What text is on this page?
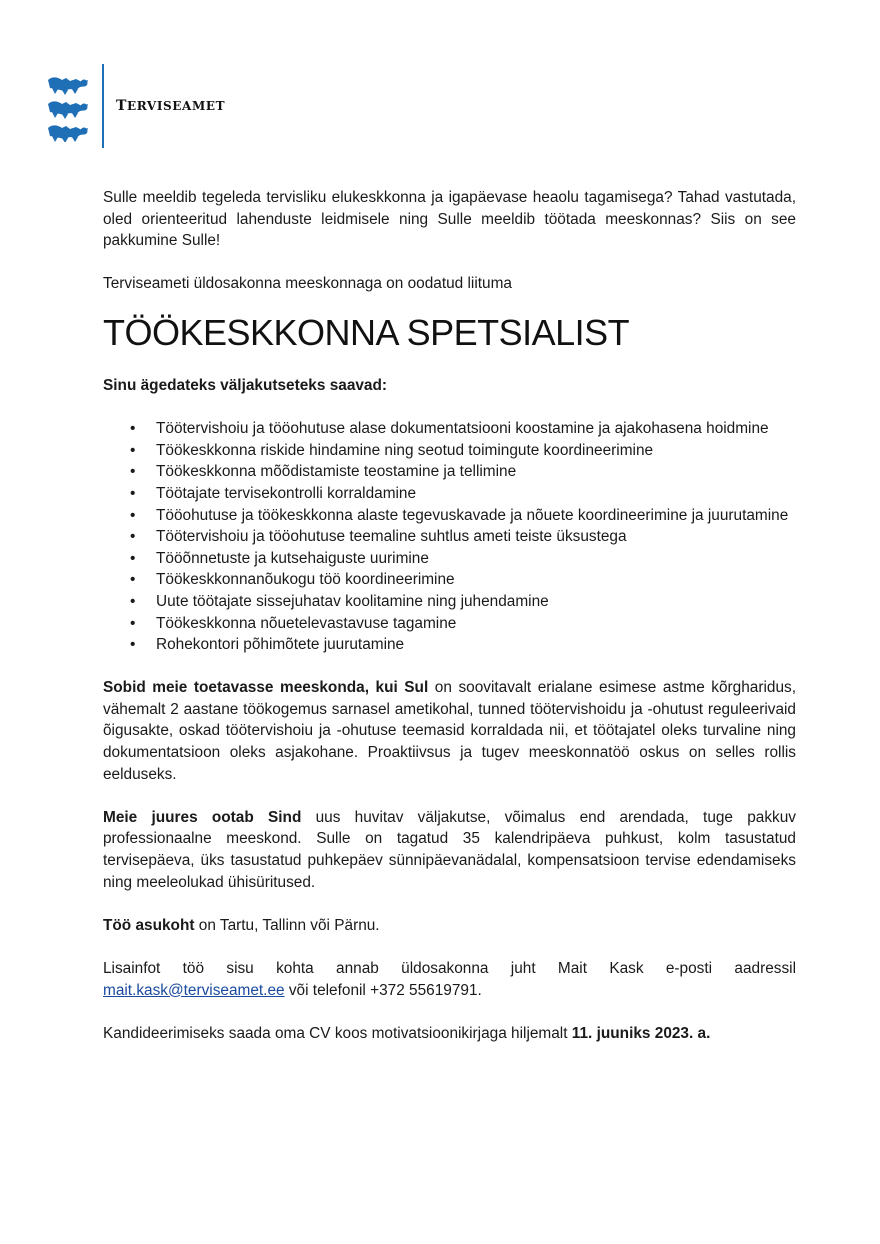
TERVISEAMET

Sulle meeldib tegeleda tervisliku elukeskkonna ja igapäevase heaolu tagamisega? Tahad vastutada, oled orienteeritud lahenduste leidmisele ning Sulle meeldib töötada meeskonnas? Siis on see pakkumine Sulle!

Terviseameti üldosakonna meeskonnaga on oodatud liituma

TÖÖKESKKONNA SPETSIALIST

Sinu ägedateks väljakutseteks saavad:

• Töötervishoiu ja tööohutuse alase dokumentatsiooni koostamine ja ajakohasena hoidmine
• Töökeskkonna riskide hindamine ning seotud toimingute koordineerimine
• Töökeskkonna mõõdistamiste teostamine ja tellimine
• Töötajate tervisekontrolli korraldamine
• Tööohutuse ja töökeskkonna alaste tegevuskavade ja nõuete koordineerimine ja juurutamine
• Töötervishoiu ja tööohutuse teemaline suhtlus ameti teiste üksustega
• Tööõnnetuste ja kutsehaiguste uurimine
• Töökeskkonnanõukogu töö koordineerimine
• Uute töötajate sissejuhatav koolitamine ning juhendamine
• Töökeskkonna nõuetelevastavuse tagamine
• Rohekontori põhimõtete juurutamine

Sobid meie toetavasse meeskonda, kui Sul on soovitavalt erialane esimese astme kõrgharidus, vähemalt 2 aastane töökogemus sarnasel ametikohal, tunned töötervishoidu ja -ohutust reguleerivaid õigusakte, oskad töötervishoiu ja -ohutuse teemasid korraldada nii, et töötajatel oleks turvaline ning dokumentatsioon oleks asjakohane. Proaktiivsus ja tugev meeskonnatöö oskus on selles rollis eelduseks.

Meie juures ootab Sind uus huvitav väljakutse, võimalus end arendada, tuge pakkuv professionaalne meeskond. Sulle on tagatud 35 kalendripäeva puhkust, kolm tasustatud tervisepäeva, üks tasustatud puhkepäev sünnipäevanädalal, kompensatsioon tervise edendamiseks ning meeleolukad ühisüritused.

Töö asukoht on Tartu, Tallinn või Pärnu.

Lisainfot töö sisu kohta annab üldosakonna juht Mait Kask e-posti aadressil mait.kask@terviseamet.ee või telefonil +372 55619791.

Kandideerimiseks saada oma CV koos motivatsioonikirjaga hiljemalt 11. juuniks 2023. a.
